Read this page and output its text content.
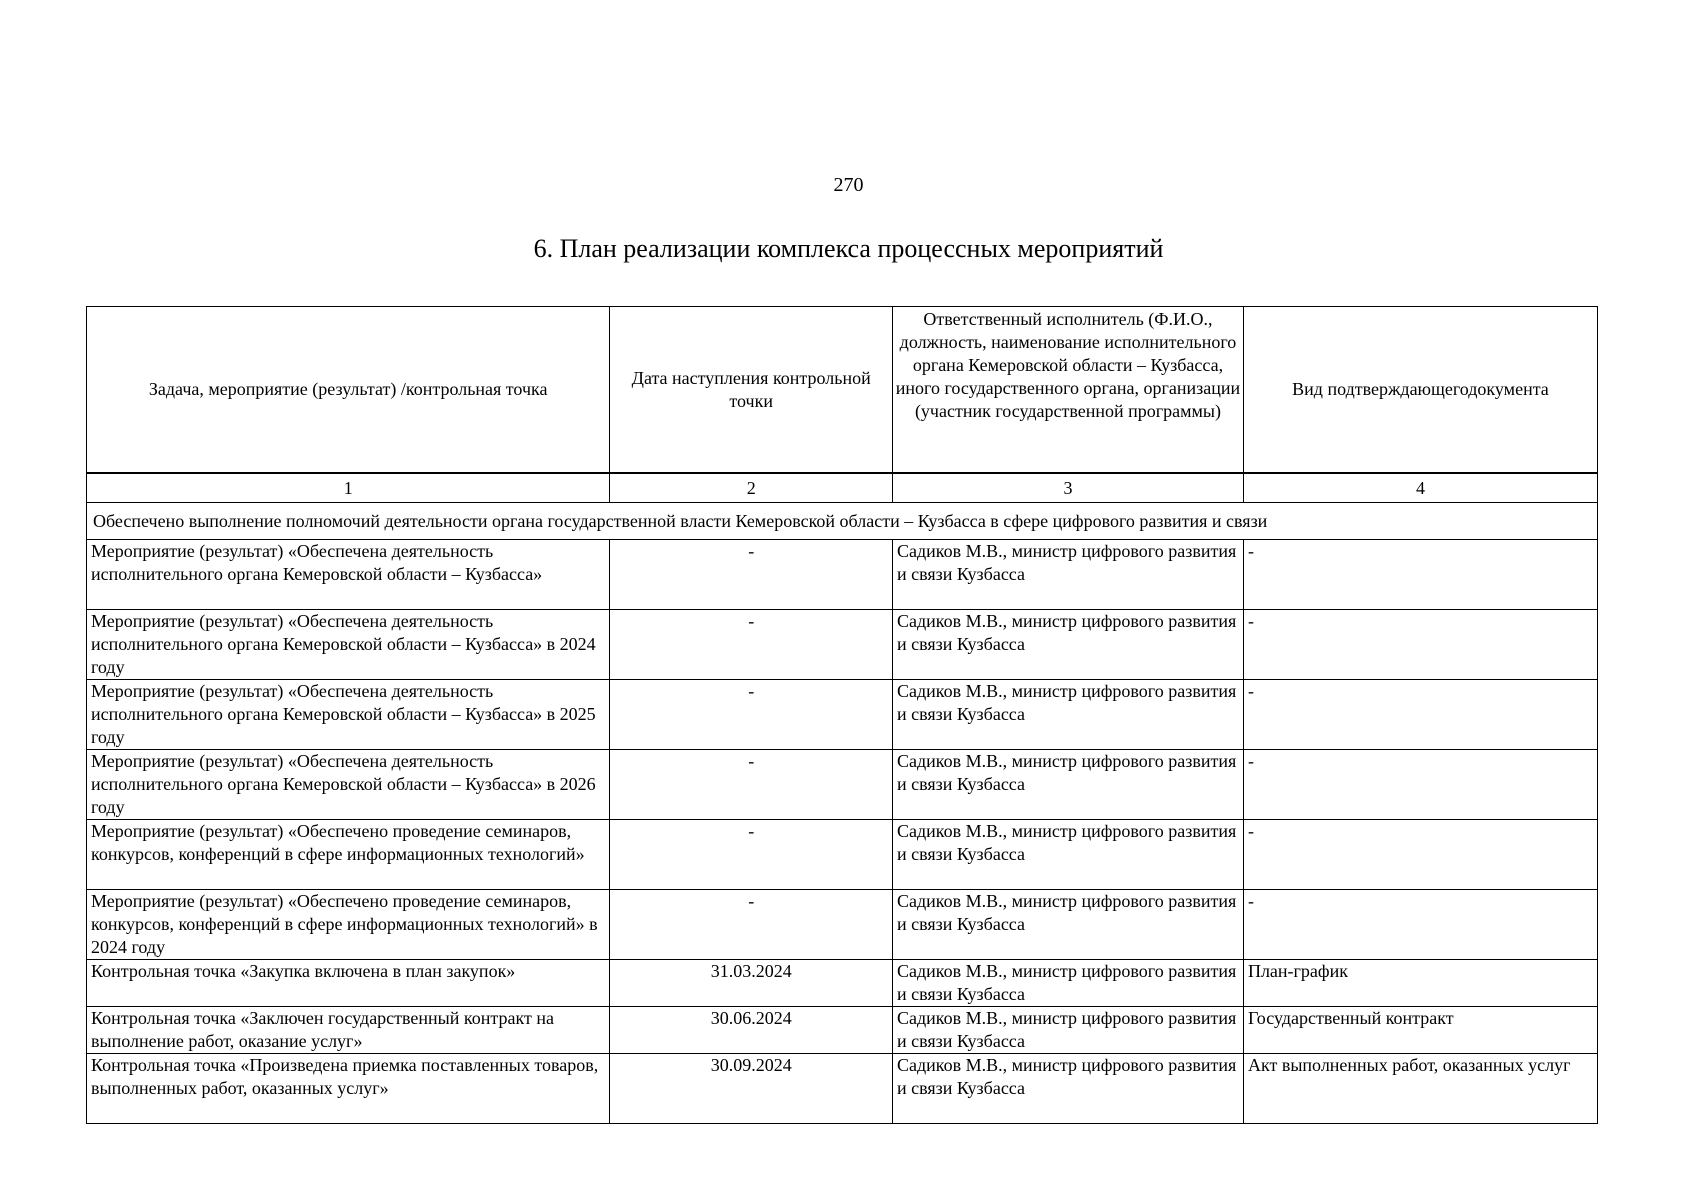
270
6. План реализации комплекса процессных мероприятий
Задача, мероприятие (результат) /контрольная точка	Дата наступления контрольной точки	Ответственный исполнитель (Ф.И.О., должность, наименование исполнительного органа Кемеровской области – Кузбасса, иного государственного органа, организации (участник государственной программы)	Вид подтверждающегодокумента
1	2	3	4
Обеспечено выполнение полномочий деятельности органа государственной власти Кемеровской области – Кузбасса в сфере цифрового развития и связи			
Мероприятие (результат) «Обеспечена деятельность исполнительного органа Кемеровской области – Кузбасса»	-	Садиков М.В., министр цифрового развития и связи Кузбасса	-
Мероприятие (результат) «Обеспечена деятельность исполнительного органа Кемеровской области – Кузбасса» в 2024 году	-	Садиков М.В., министр цифрового развития и связи Кузбасса	-
Мероприятие (результат) «Обеспечена деятельность исполнительного органа Кемеровской области – Кузбасса» в 2025 году	-	Садиков М.В., министр цифрового развития и связи Кузбасса	-
Мероприятие (результат) «Обеспечена деятельность исполнительного органа Кемеровской области – Кузбасса» в 2026 году	-	Садиков М.В., министр цифрового развития и связи Кузбасса	-
Мероприятие (результат) «Обеспечено проведение семинаров, конкурсов, конференций в сфере информационных технологий»	-	Садиков М.В., министр цифрового развития и связи Кузбасса	-
Мероприятие (результат) «Обеспечено проведение семинаров, конкурсов, конференций в сфере информационных технологий» в 2024 году	-	Садиков М.В., министр цифрового развития и связи Кузбасса	-
Контрольная точка «Закупка включена в план закупок»	31.03.2024	Садиков М.В., министр цифрового развития и связи Кузбасса	План-график
Контрольная точка «Заключен государственный контракт на выполнение работ, оказание услуг»	30.06.2024	Садиков М.В., министр цифрового развития и связи Кузбасса	Государственный контракт
Контрольная точка «Произведена приемка поставленных товаров, выполненных работ, оказанных услуг»	30.09.2024	Садиков М.В., министр цифрового развития и связи Кузбасса	Акт выполненных работ, оказанных услуг
